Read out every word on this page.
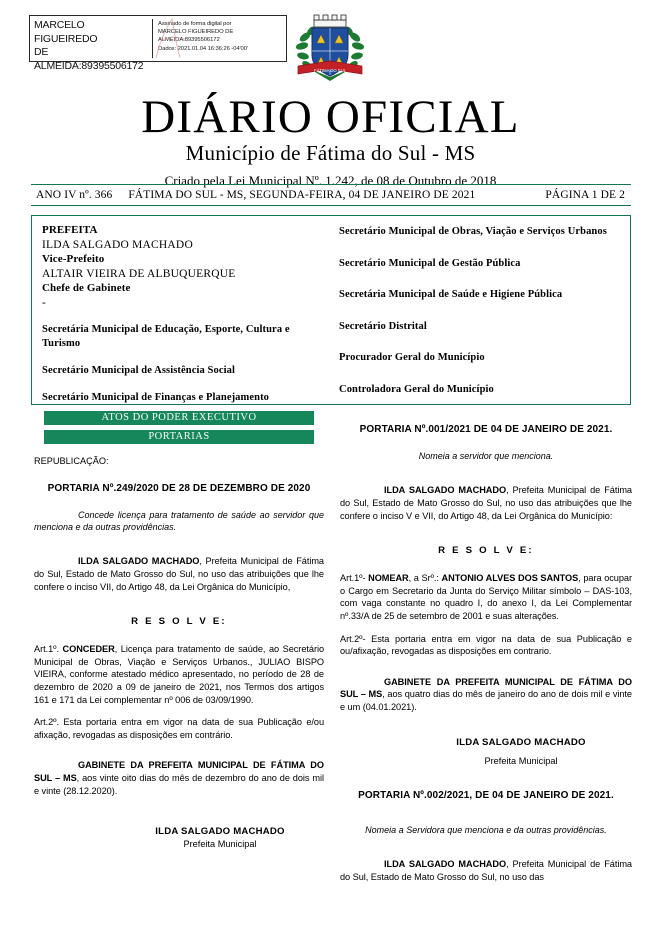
MARCELO FIGUEIREDO
DE
ALMEIDA:89395506172
Assinado de forma digital por
MARCELO FIGUEIREDO DE
ALMEIDA:89395506172
Dados: 2021.01.04 16:36:26 -04'00'
FÁTIMA DO SUL
DIÁRIO OFICIAL
Município de Fátima do Sul - MS
Criado pela Lei Municipal Nº. 1.242, de 08 de Outubro de 2018
ANO IV nº. 366	FÁTIMA DO SUL - MS, SEGUNDA-FEIRA, 04 DE JANEIRO DE 2021	PÁGINA 1 DE 2
PREFEITA
ILDA SALGADO MACHADO
Vice-Prefeito
ALTAIR VIEIRA DE ALBUQUERQUE
Chefe de Gabinete
-
Secretária Municipal de Educação, Esporte, Cultura e Turismo
Secretário Municipal de Assistência Social
Secretário Municipal de Finanças e Planejamento
Secretário Municipal de Obras, Viação e Serviços Urbanos
Secretário Municipal de Gestão Pública
Secretária Municipal de Saúde e Higiene Pública
Secretário Distrital
Procurador Geral do Município
Controladora Geral do Município
ATOS DO PODER EXECUTIVO
PORTARIAS
REPUBLICAÇÃO:
PORTARIA Nº.249/2020 DE 28 DE DEZEMBRO DE 2020
Concede licença para tratamento de saúde ao servidor que menciona e da outras providências.
ILDA SALGADO MACHADO, Prefeita Municipal de Fátima do Sul, Estado de Mato Grosso do Sul, no uso das atribuições que lhe confere o inciso VII, do Artigo 48, da Lei Orgânica do Município,
R E S O L V E:
Art.1º. CONCEDER, Licença para tratamento de saúde, ao Secretário Municipal de Obras, Viação e Serviços Urbanos., JULIAO BISPO VIEIRA, conforme atestado médico apresentado, no período de 28 de dezembro de 2020 a 09 de janeiro de 2021, nos Termos dos artigos 161 e 171 da Lei complementar nº 006 de 03/09/1990.
Art.2º. Esta portaria entra em vigor na data de sua Publicação e/ou afixação, revogadas as disposições em contrário.
GABINETE DA PREFEITA MUNICIPAL DE FÁTIMA DO SUL – MS, aos vinte oito dias do mês de dezembro do ano de dois mil e vinte (28.12.2020).
ILDA SALGADO MACHADO
Prefeita Municipal
PORTARIA Nº.001/2021 DE 04 DE JANEIRO DE 2021.
Nomeia a servidor que menciona.
ILDA SALGADO MACHADO, Prefeita Municipal de Fátima do Sul, Estado de Mato Grosso do Sul, no uso das atribuições que lhe confere o inciso V e VII, do Artigo 48, da Lei Orgânica do Município:
R E S O L V E:
Art.1º- NOMEAR, a Srº.: ANTONIO ALVES DOS SANTOS, para ocupar o Cargo em Secretario da Junta do Serviço Militar símbolo – DAS-103, com vaga constante no quadro I, do anexo I, da Lei Complementar nº.33/A de 25 de setembro de 2001 e suas alterações.
Art.2º- Esta portaria entra em vigor na data de sua Publicação e ou/afixação, revogadas as disposições em contrario.
GABINETE DA PREFEITA MUNICIPAL DE FÁTIMA DO SUL – MS, aos quatro dias do mês de janeiro do ano de dois mil e vinte e um (04.01.2021).
ILDA SALGADO MACHADO
Prefeita Municipal
PORTARIA Nº.002/2021, DE 04 DE JANEIRO DE 2021.
Nomeia a Servidora que menciona e da outras providências.
ILDA SALGADO MACHADO, Prefeita Municipal de Fátima do Sul, Estado de Mato Grosso do Sul, no uso das
